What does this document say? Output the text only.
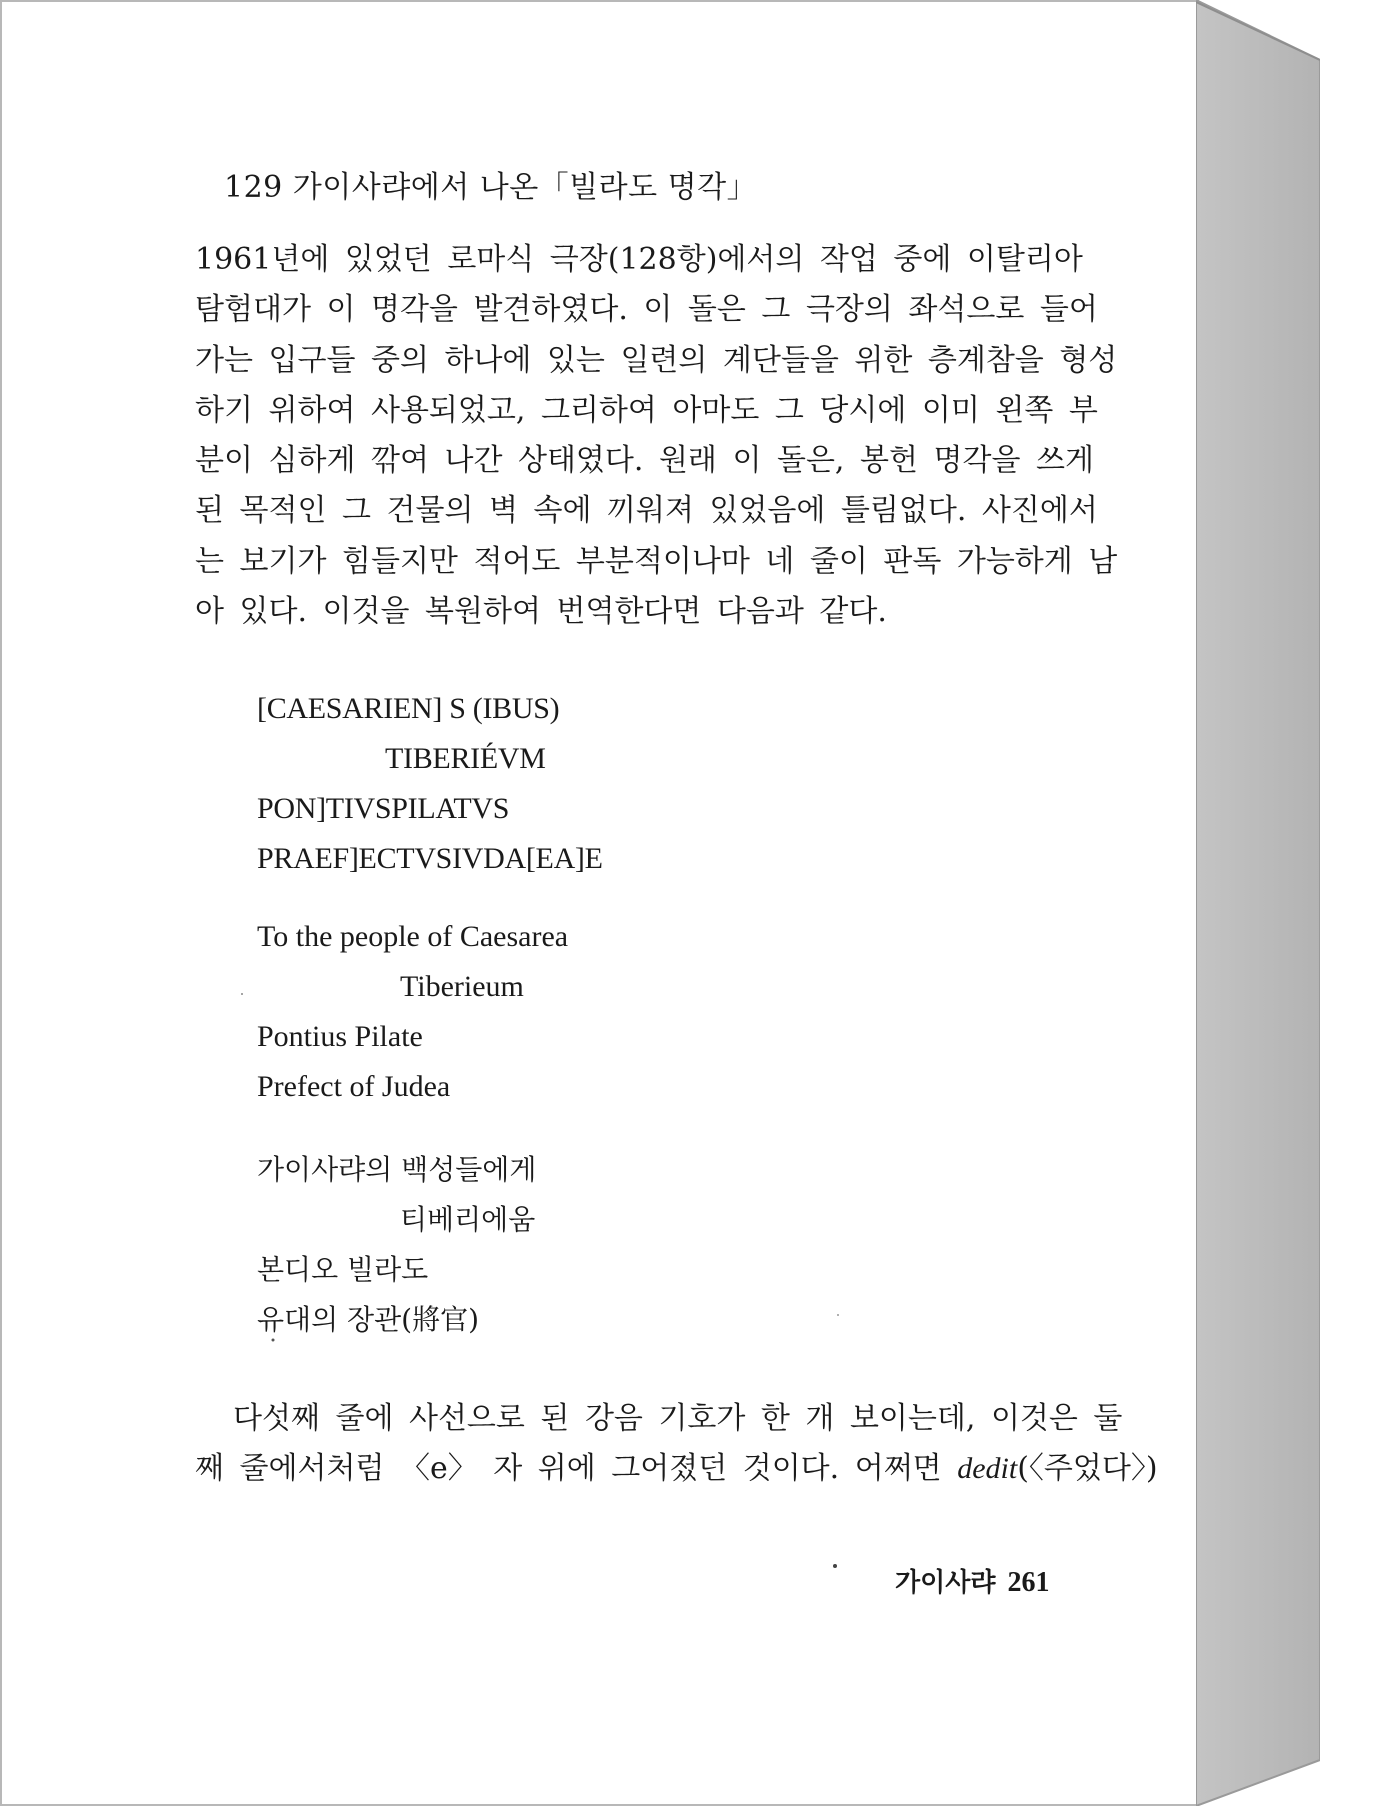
129 가이사랴에서 나온「빌라도 명각」
1961년에 있었던 로마식 극장(128항)에서의 작업 중에 이탈리아
탐험대가 이 명각을 발견하였다. 이 돌은 그 극장의 좌석으로 들어
가는 입구들 중의 하나에 있는 일련의 계단들을 위한 층계참을 형성
하기 위하여 사용되었고, 그리하여 아마도 그 당시에 이미 왼쪽 부
분이 심하게 깎여 나간 상태였다. 원래 이 돌은, 봉헌 명각을 쓰게
된 목적인 그 건물의 벽 속에 끼워져 있었음에 틀림없다. 사진에서
는 보기가 힘들지만 적어도 부분적이나마 네 줄이 판독 가능하게 남
아 있다. 이것을 복원하여 번역한다면 다음과 같다.
[CAESARIEN] S (IBUS)
TIBERIÉVM
PON]TIVSPILATVS
PRAEF]ECTVSIVDA[EA]E
To the people of Caesarea
Tiberieum
Pontius Pilate
Prefect of Judea
가이사랴의 백성들에게
티베리에움
본디오 빌라도
유대의 장관(將官)
다섯째 줄에 사선으로 된 강음 기호가 한 개 보이는데, 이것은 둘
째 줄에서처럼 〈e〉 자 위에 그어졌던 것이다. 어쩌면 dedit(〈주었다〉)
가이사랴 261
